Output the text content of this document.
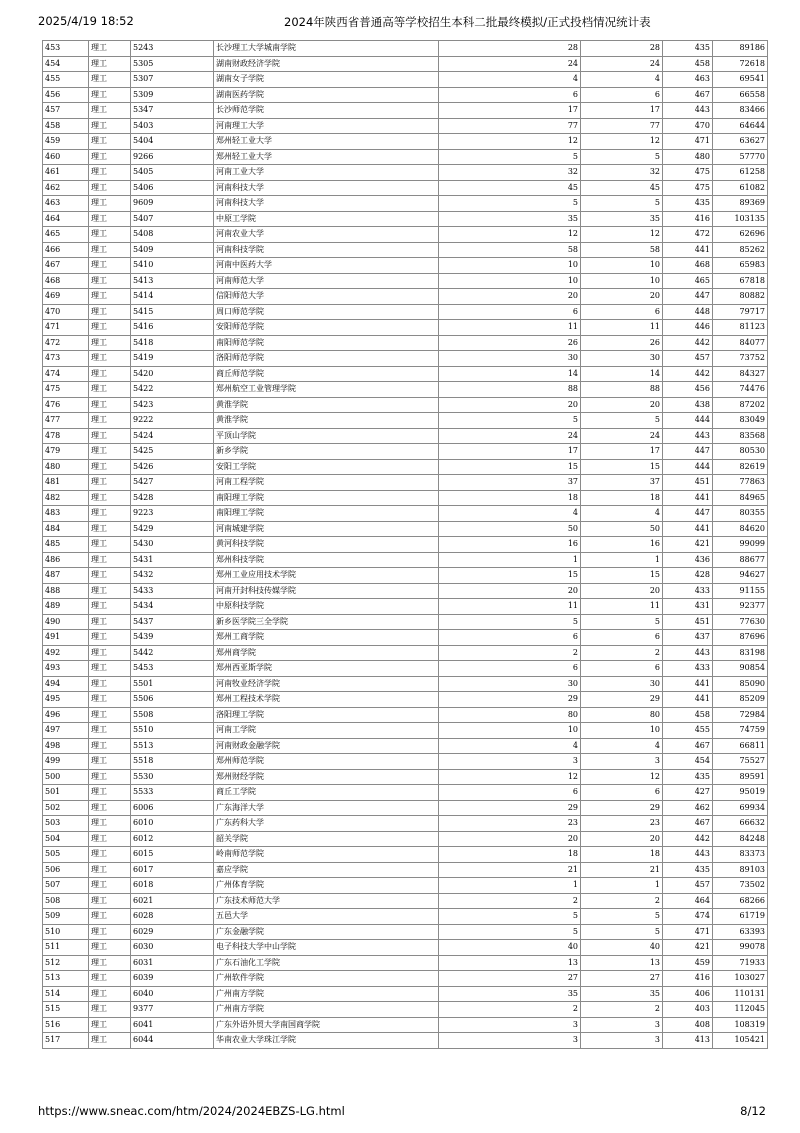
2025/4/19 18:52	2024年陕西省普通高等学校招生本科二批最终模拟/正式投档情况统计表
453	理工	5243	长沙理工大学城南学院	28	28	435	89186
454	理工	5305	湖南财政经济学院	24	24	458	72618
455	理工	5307	湖南女子学院	4	4	463	69541
456	理工	5309	湖南医药学院	6	6	467	66558
457	理工	5347	长沙师范学院	17	17	443	83466
458	理工	5403	河南理工大学	77	77	470	64644
459	理工	5404	郑州轻工业大学	12	12	471	63627
460	理工	9266	郑州轻工业大学	5	5	480	57770
461	理工	5405	河南工业大学	32	32	475	61258
462	理工	5406	河南科技大学	45	45	475	61082
463	理工	9609	河南科技大学	5	5	435	89369
464	理工	5407	中原工学院	35	35	416	103135
465	理工	5408	河南农业大学	12	12	472	62696
466	理工	5409	河南科技学院	58	58	441	85262
467	理工	5410	河南中医药大学	10	10	468	65983
468	理工	5413	河南师范大学	10	10	465	67818
469	理工	5414	信阳师范大学	20	20	447	80882
470	理工	5415	周口师范学院	6	6	448	79717
471	理工	5416	安阳师范学院	11	11	446	81123
472	理工	5418	南阳师范学院	26	26	442	84077
473	理工	5419	洛阳师范学院	30	30	457	73752
474	理工	5420	商丘师范学院	14	14	442	84327
475	理工	5422	郑州航空工业管理学院	88	88	456	74476
476	理工	5423	黄淮学院	20	20	438	87202
477	理工	9222	黄淮学院	5	5	444	83049
478	理工	5424	平顶山学院	24	24	443	83568
479	理工	5425	新乡学院	17	17	447	80530
480	理工	5426	安阳工学院	15	15	444	82619
481	理工	5427	河南工程学院	37	37	451	77863
482	理工	5428	南阳理工学院	18	18	441	84965
483	理工	9223	南阳理工学院	4	4	447	80355
484	理工	5429	河南城建学院	50	50	441	84620
485	理工	5430	黄河科技学院	16	16	421	99099
486	理工	5431	郑州科技学院	1	1	436	88677
487	理工	5432	郑州工业应用技术学院	15	15	428	94627
488	理工	5433	河南开封科技传媒学院	20	20	433	91155
489	理工	5434	中原科技学院	11	11	431	92377
490	理工	5437	新乡医学院三全学院	5	5	451	77630
491	理工	5439	郑州工商学院	6	6	437	87696
492	理工	5442	郑州商学院	2	2	443	83198
493	理工	5453	郑州西亚斯学院	6	6	433	90854
494	理工	5501	河南牧业经济学院	30	30	441	85090
495	理工	5506	郑州工程技术学院	29	29	441	85209
496	理工	5508	洛阳理工学院	80	80	458	72984
497	理工	5510	河南工学院	10	10	455	74759
498	理工	5513	河南财政金融学院	4	4	467	66811
499	理工	5518	郑州师范学院	3	3	454	75527
500	理工	5530	郑州财经学院	12	12	435	89591
501	理工	5533	商丘工学院	6	6	427	95019
502	理工	6006	广东海洋大学	29	29	462	69934
503	理工	6010	广东药科大学	23	23	467	66632
504	理工	6012	韶关学院	20	20	442	84248
505	理工	6015	岭南师范学院	18	18	443	83373
506	理工	6017	嘉应学院	21	21	435	89103
507	理工	6018	广州体育学院	1	1	457	73502
508	理工	6021	广东技术师范大学	2	2	464	68266
509	理工	6028	五邑大学	5	5	474	61719
510	理工	6029	广东金融学院	5	5	471	63393
511	理工	6030	电子科技大学中山学院	40	40	421	99078
512	理工	6031	广东石油化工学院	13	13	459	71933
513	理工	6039	广州软件学院	27	27	416	103027
514	理工	6040	广州南方学院	35	35	406	110131
515	理工	9377	广州南方学院	2	2	403	112045
516	理工	6041	广东外语外贸大学南国商学院	3	3	408	108319
517	理工	6044	华南农业大学珠江学院	3	3	413	105421
https://www.sneac.com/htm/2024/2024EBZS-LG.html	8/12
